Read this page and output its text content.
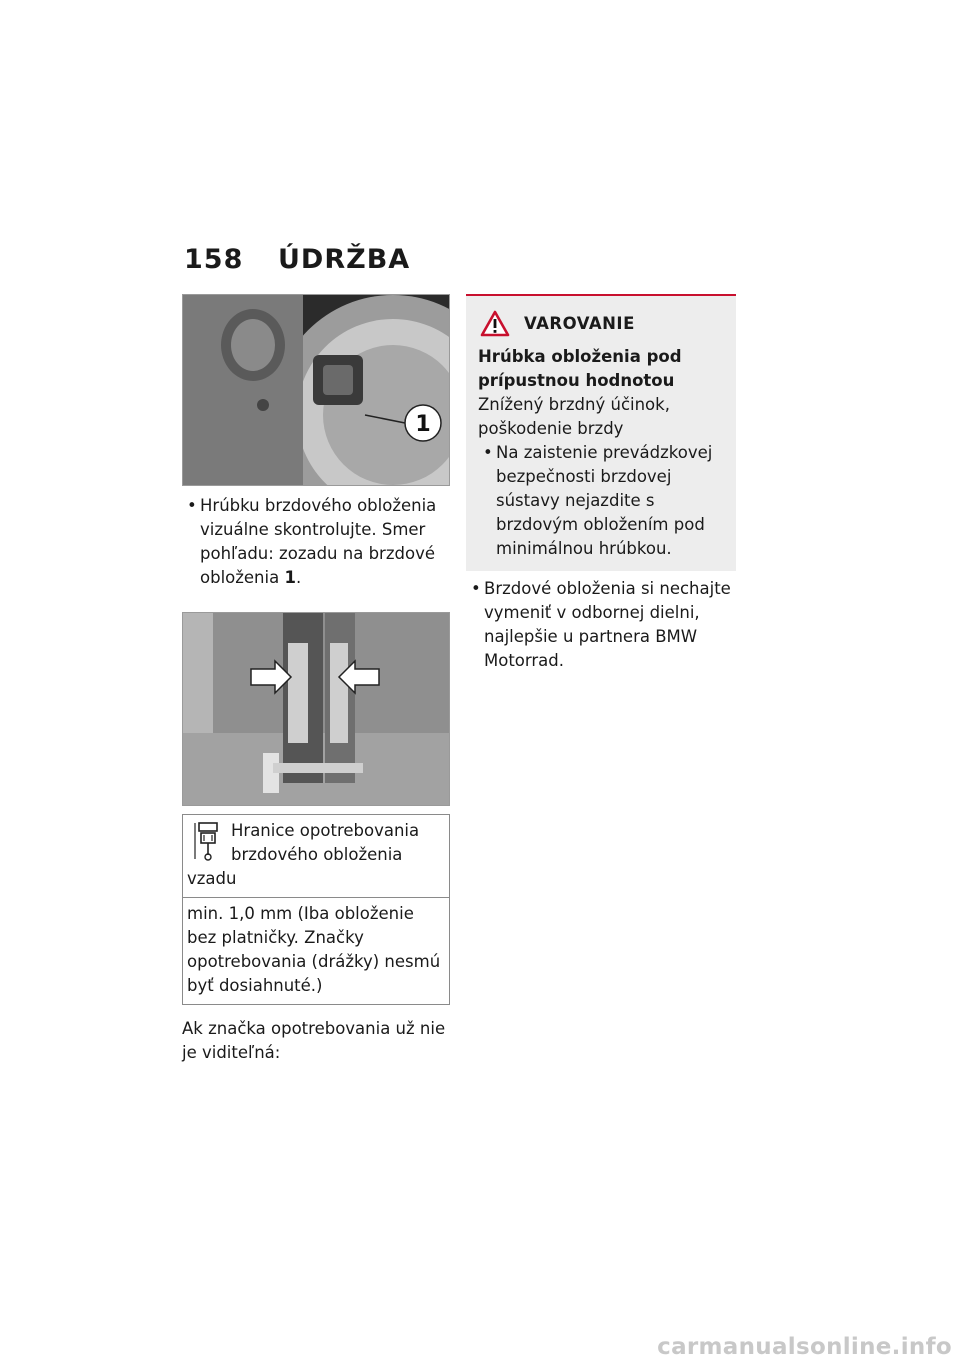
158 ÚDRŽBA
1

• Hrúbku brzdového obloženia vizuálne skontrolujte. Smer pohľadu: zozadu na brzdové obloženia 1.

Hranice opotrebovania brzdového obloženia vzadu
min. 1,0 mm (Iba obloženie bez platničky. Značky opotrebovania (drážky) nesmú byť dosiahnuté.)

Ak značka opotrebovania už nie je viditeľná:

VAROVANIE
Hrúbka obloženia pod prípustnou hodnotou
Znížený brzdný účinok, poškodenie brzdy

• Na zaistenie prevádzkovej bezpečnosti brzdovej sústavy nejazdite s brzdovým obložením pod minimálnou hrúbkou.

• Brzdové obloženia si nechajte vymeniť v odbornej dielni, najlepšie u partnera BMW Motorrad.

carmanualsonline.info
